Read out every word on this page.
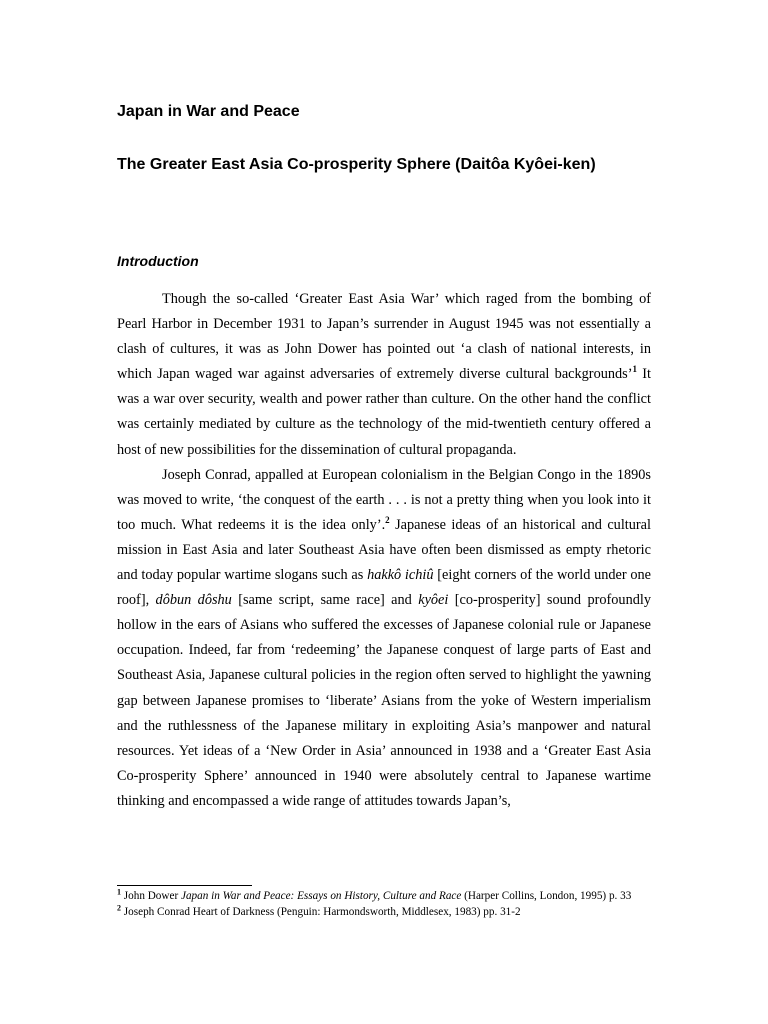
Japan in War and Peace
The Greater East Asia Co-prosperity Sphere (Daitôa Kyôei-ken)
Introduction

Though the so-called ‘Greater East Asia War’ which raged from the bombing of Pearl Harbor in December 1931 to Japan’s surrender in August 1945 was not essentially a clash of cultures, it was as John Dower has pointed out ‘a clash of national interests, in which Japan waged war against adversaries of extremely diverse cultural backgrounds’$^1$ It was a war over security, wealth and power rather than culture. On the other hand the conflict was certainly mediated by culture as the technology of the mid-twentieth century offered a host of new possibilities for the dissemination of cultural propaganda.

Joseph Conrad, appalled at European colonialism in the Belgian Congo in the 1890s was moved to write, ‘the conquest of the earth . . . is not a pretty thing when you look into it too much. What redeems it is the idea only’.$^2$ Japanese ideas of an historical and cultural mission in East Asia and later Southeast Asia have often been dismissed as empty rhetoric and today popular wartime slogans such as hakkô ichiû [eight corners of the world under one roof], dôbun dôshu [same script, same race] and kyôei [co-prosperity] sound profoundly hollow in the ears of Asians who suffered the excesses of Japanese colonial rule or Japanese occupation. Indeed, far from ‘redeeming’ the Japanese conquest of large parts of East and Southeast Asia, Japanese cultural policies in the region often served to highlight the yawning gap between Japanese promises to ‘liberate’ Asians from the yoke of Western imperialism and the ruthlessness of the Japanese military in exploiting Asia’s manpower and natural resources. Yet ideas of a ‘New Order in Asia’ announced in 1938 and a ‘Greater East Asia Co-prosperity Sphere’ announced in 1940 were absolutely central to Japanese wartime thinking and encompassed a wide range of attitudes towards Japan’s,

$^1$ John Dower Japan in War and Peace: Essays on History, Culture and Race (Harper Collins, London, 1995) p. 33

$^2$ Joseph Conrad Heart of Darkness (Penguin: Harmondsworth, Middlesex, 1983) pp. 31-2
